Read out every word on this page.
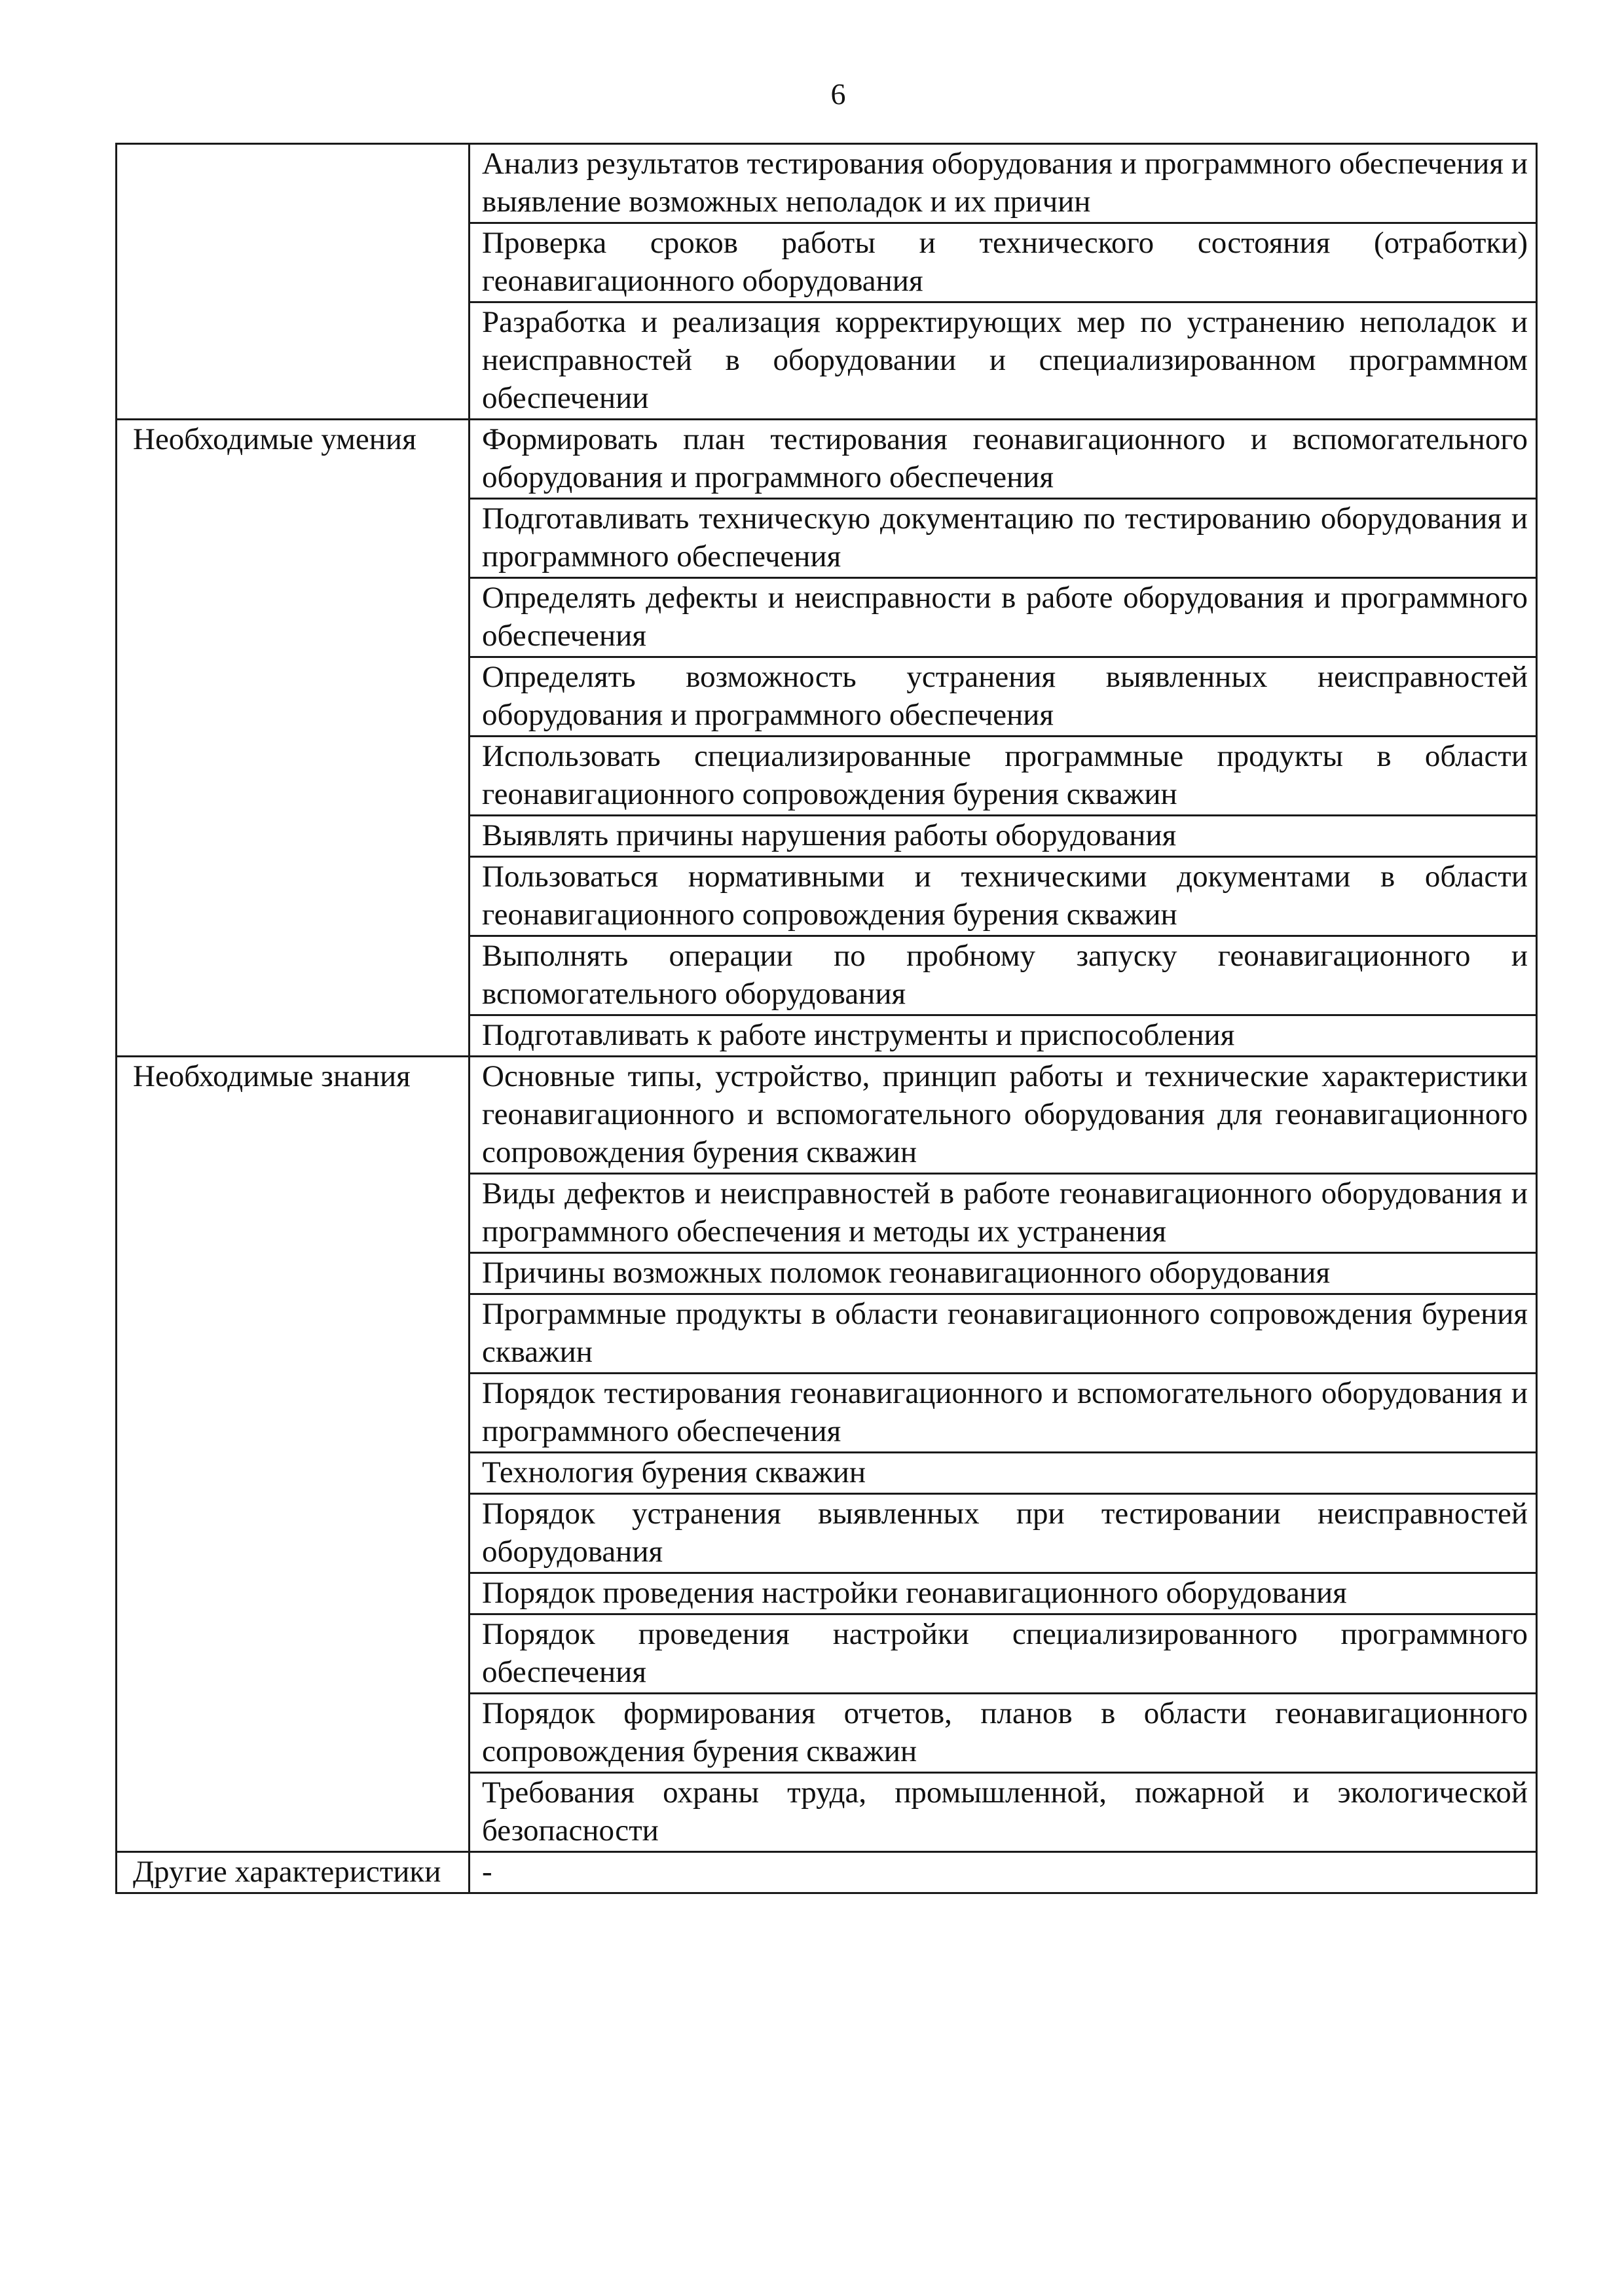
6
	Анализ результатов тестирования оборудования и программного обеспечения и выявление возможных неполадок и их причин
	Проверка сроков работы и технического состояния (отработки) геонавигационного оборудования
	Разработка и реализация корректирующих мер по устранению неполадок и неисправностей в оборудовании и специализированном программном обеспечении
Необходимые умения	Формировать план тестирования геонавигационного и вспомогательного оборудования и программного обеспечения
	Подготавливать техническую документацию по тестированию оборудования и программного обеспечения
	Определять дефекты и неисправности в работе оборудования и программного обеспечения
	Определять возможность устранения выявленных неисправностей оборудования и программного обеспечения
	Использовать специализированные программные продукты в области геонавигационного сопровождения бурения скважин
	Выявлять причины нарушения работы оборудования
	Пользоваться нормативными и техническими документами в области геонавигационного сопровождения бурения скважин
	Выполнять операции по пробному запуску геонавигационного и вспомогательного оборудования
	Подготавливать к работе инструменты и приспособления
Необходимые знания	Основные типы, устройство, принцип работы и технические характеристики геонавигационного и вспомогательного оборудования для геонавигационного сопровождения бурения скважин
	Виды дефектов и неисправностей в работе геонавигационного оборудования и программного обеспечения и методы их устранения
	Причины возможных поломок геонавигационного оборудования
	Программные продукты в области геонавигационного сопровождения бурения скважин
	Порядок тестирования геонавигационного и вспомогательного оборудования и программного обеспечения
	Технология бурения скважин
	Порядок устранения выявленных при тестировании неисправностей оборудования
	Порядок проведения настройки геонавигационного оборудования
	Порядок проведения настройки специализированного программного обеспечения
	Порядок формирования отчетов, планов в области геонавигационного сопровождения бурения скважин
	Требования охраны труда, промышленной, пожарной и экологической безопасности
Другие характеристики	-
